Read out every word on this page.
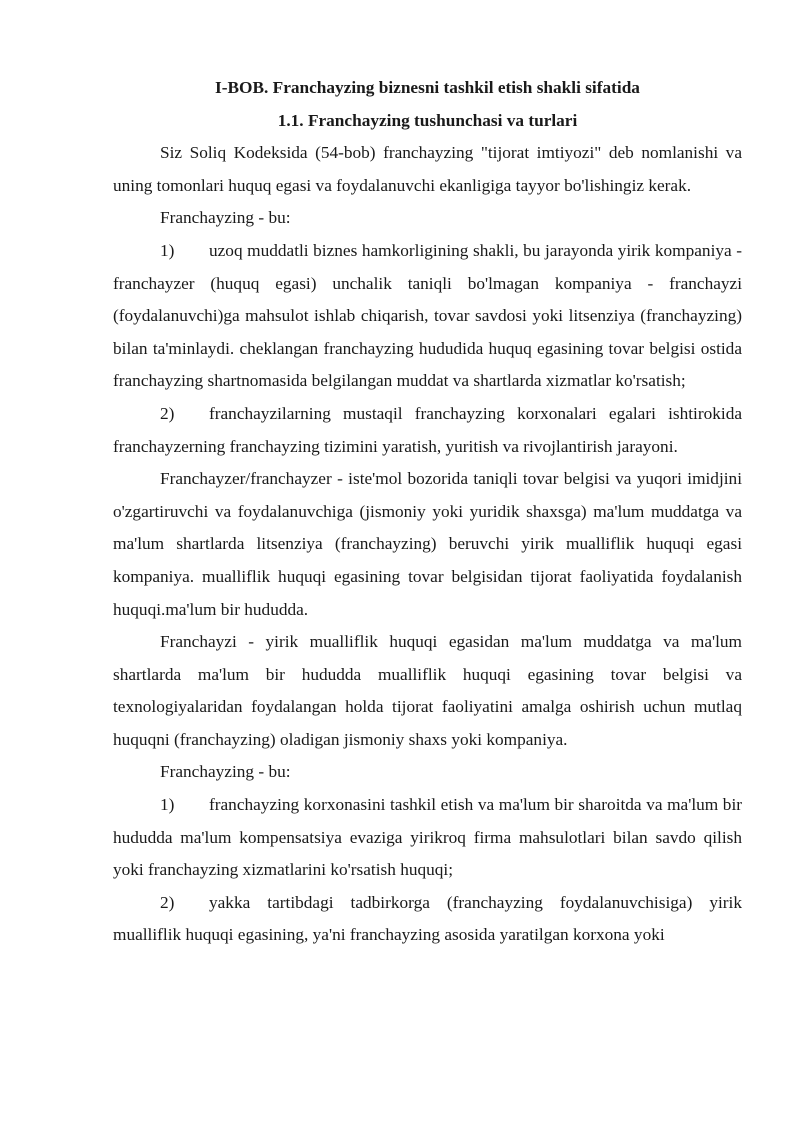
I-BOB. Franchayzing biznesni tashkil etish shakli sifatida

1.1. Franchayzing tushunchasi va turlari

Siz Soliq Kodeksida (54-bob) franchayzing "tijorat imtiyozi" deb nomlanishi va uning tomonlari huquq egasi va foydalanuvchi ekanligiga tayyor bo'lishingiz kerak.

Franchayzing - bu:

1) uzoq muddatli biznes hamkorligining shakli, bu jarayonda yirik kompaniya - franchayzer (huquq egasi) unchalik taniqli bo'lmagan kompaniya - franchayzi (foydalanuvchi)ga mahsulot ishlab chiqarish, tovar savdosi yoki litsenziya (franchayzing) bilan ta'minlaydi. cheklangan franchayzing hududida huquq egasining tovar belgisi ostida franchayzing shartnomasida belgilangan muddat va shartlarda xizmatlar ko'rsatish;

2) franchayzilarning mustaqil franchayzing korxonalari egalari ishtirokida franchayzerning franchayzing tizimini yaratish, yuritish va rivojlantirish jarayoni.

Franchayzer/franchayzer - iste'mol bozorida taniqli tovar belgisi va yuqori imidjini o'zgartiruvchi va foydalanuvchiga (jismoniy yoki yuridik shaxsga) ma'lum muddatga va ma'lum shartlarda litsenziya (franchayzing) beruvchi yirik mualliflik huquqi egasi kompaniya. mualliflik huquqi egasining tovar belgisidan tijorat faoliyatida foydalanish huquqi.ma'lum bir hududda.

Franchayzi - yirik mualliflik huquqi egasidan ma'lum muddatga va ma'lum shartlarda ma'lum bir hududda mualliflik huquqi egasining tovar belgisi va texnologiyalaridan foydalangan holda tijorat faoliyatini amalga oshirish uchun mutlaq huquqni (franchayzing) oladigan jismoniy shaxs yoki kompaniya.

Franchayzing - bu:

1) franchayzing korxonasini tashkil etish va ma'lum bir sharoitda va ma'lum bir hududda ma'lum kompensatsiya evaziga yirikroq firma mahsulotlari bilan savdo qilish yoki franchayzing xizmatlarini ko'rsatish huquqi;

2) yakka tartibdagi tadbirkorga (franchayzing foydalanuvchisiga) yirik mualliflik huquqi egasining, ya'ni franchayzing asosida yaratilgan korxona yoki
